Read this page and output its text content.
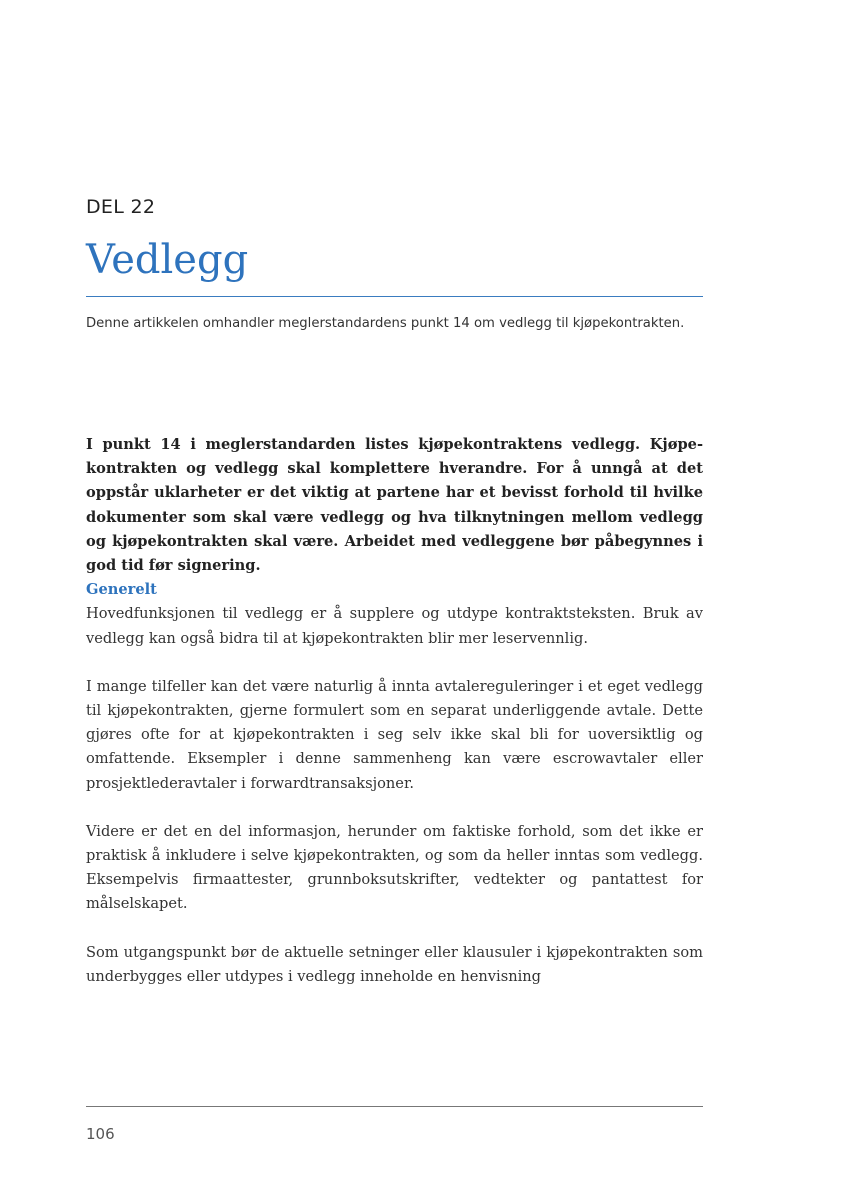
DEL 22
Vedlegg

Denne artikkelen omhandler meglerstandardens punkt 14 om vedlegg til kjøpekontrakten.

I punkt 14 i meglerstandarden listes kjøpekontraktens vedlegg. Kjøpekontrakten og vedlegg skal komplettere hverandre. For å unngå at det oppstår uklarheter er det viktig at partene har et bevisst forhold til hvilke dokumenter som skal være vedlegg og hva tilknytningen mellom vedlegg og kjøpekontrakten skal være. Arbeidet med vedleggene bør påbegynnes i god tid før signering.

Generelt

Hovedfunksjonen til vedlegg er å supplere og utdype kontraktsteksten. Bruk av vedlegg kan også bidra til at kjøpekontrakten blir mer leservennlig.

I mange tilfeller kan det være naturlig å innta avtalereguleringer i et eget vedlegg til kjøpekontrakten, gjerne formulert som en separat underliggende avtale. Dette gjøres ofte for at kjøpekontrakten i seg selv ikke skal bli for uoversiktlig og omfattende. Eksempler i denne sammenheng kan være escrowavtaler eller prosjektlederavtaler i forwardtransaksjoner.

Videre er det en del informasjon, herunder om faktiske forhold, som det ikke er praktisk å inkludere i selve kjøpekontrakten, og som da heller inntas som vedlegg. Eksempelvis firmaattester, grunnboksutskrifter, vedtekter og pantattest for målselskapet.

Som utgangspunkt bør de aktuelle setninger eller klausuler i kjøpekontrakten som underbygges eller utdypes i vedlegg inneholde en henvisning

106
